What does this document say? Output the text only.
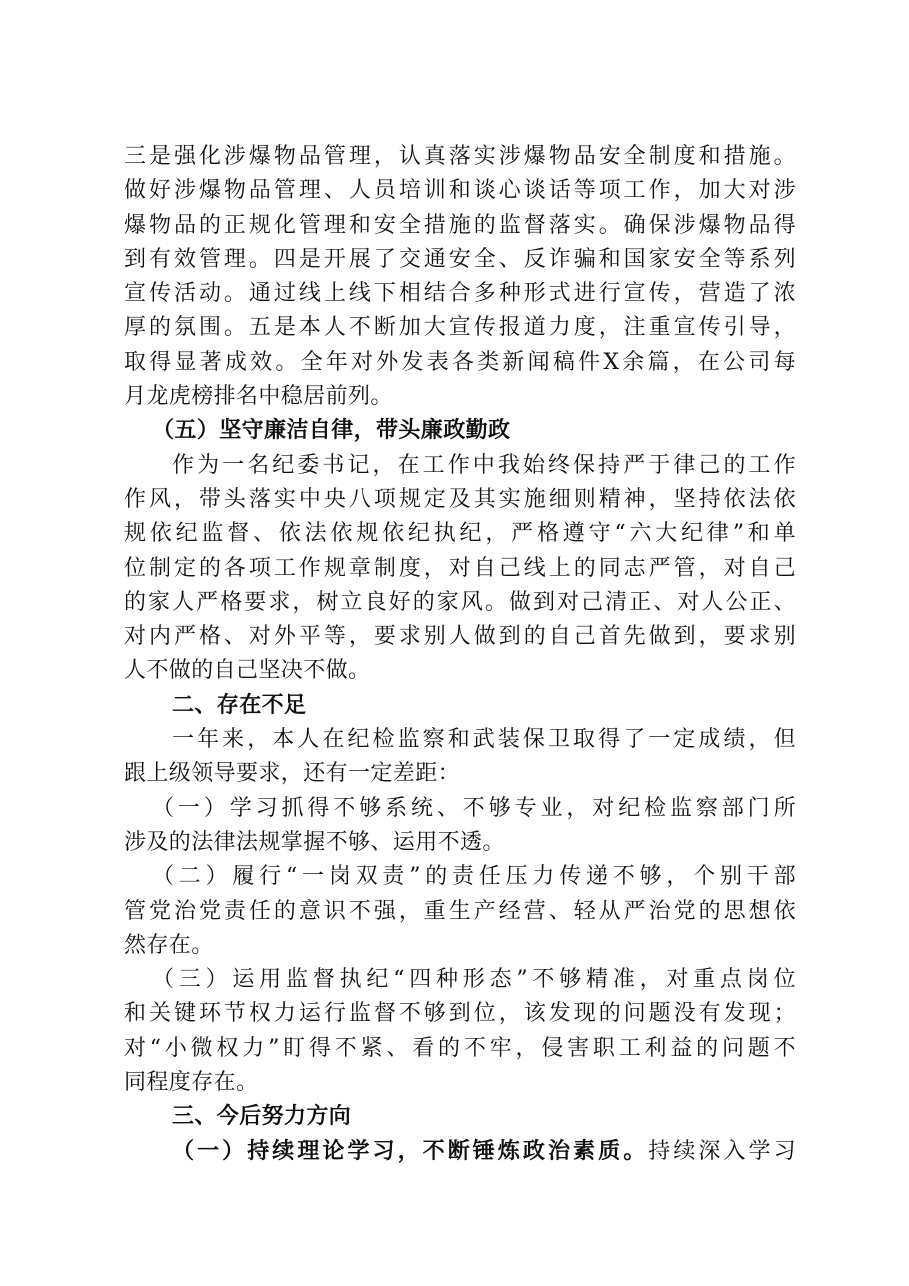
三是强化涉爆物品管理，认真落实涉爆物品安全制度和措施。
做好涉爆物品管理、人员培训和谈心谈话等项工作，加大对涉
爆物品的正规化管理和安全措施的监督落实。确保涉爆物品得
到有效管理。四是开展了交通安全、反诈骗和国家安全等系列
宣传活动。通过线上线下相结合多种形式进行宣传，营造了浓
厚的氛围。五是本人不断加大宣传报道力度，注重宣传引导，
取得显著成效。全年对外发表各类新闻稿件X余篇，在公司每
月龙虎榜排名中稳居前列。
（五）坚守廉洁自律，带头廉政勤政
作为一名纪委书记，在工作中我始终保持严于律己的工作
作风，带头落实中央八项规定及其实施细则精神，坚持依法依
规依纪监督、依法依规依纪执纪，严格遵守“六大纪律”和单
位制定的各项工作规章制度，对自己线上的同志严管，对自己
的家人严格要求，树立良好的家风。做到对己清正、对人公正、
对内严格、对外平等，要求别人做到的自己首先做到，要求别
人不做的自己坚决不做。
二、存在不足
一年来，本人在纪检监察和武装保卫取得了一定成绩，但
跟上级领导要求，还有一定差距：
（一）学习抓得不够系统、不够专业，对纪检监察部门所
涉及的法律法规掌握不够、运用不透。
（二）履行“一岗双责”的责任压力传递不够，个别干部
管党治党责任的意识不强，重生产经营、轻从严治党的思想依
然存在。
（三）运用监督执纪“四种形态”不够精准，对重点岗位
和关键环节权力运行监督不够到位，该发现的问题没有发现；
对“小微权力”盯得不紧、看的不牢，侵害职工利益的问题不
同程度存在。
三、今后努力方向
（一）持续理论学习，不断锤炼政治素质。持续深入学习
